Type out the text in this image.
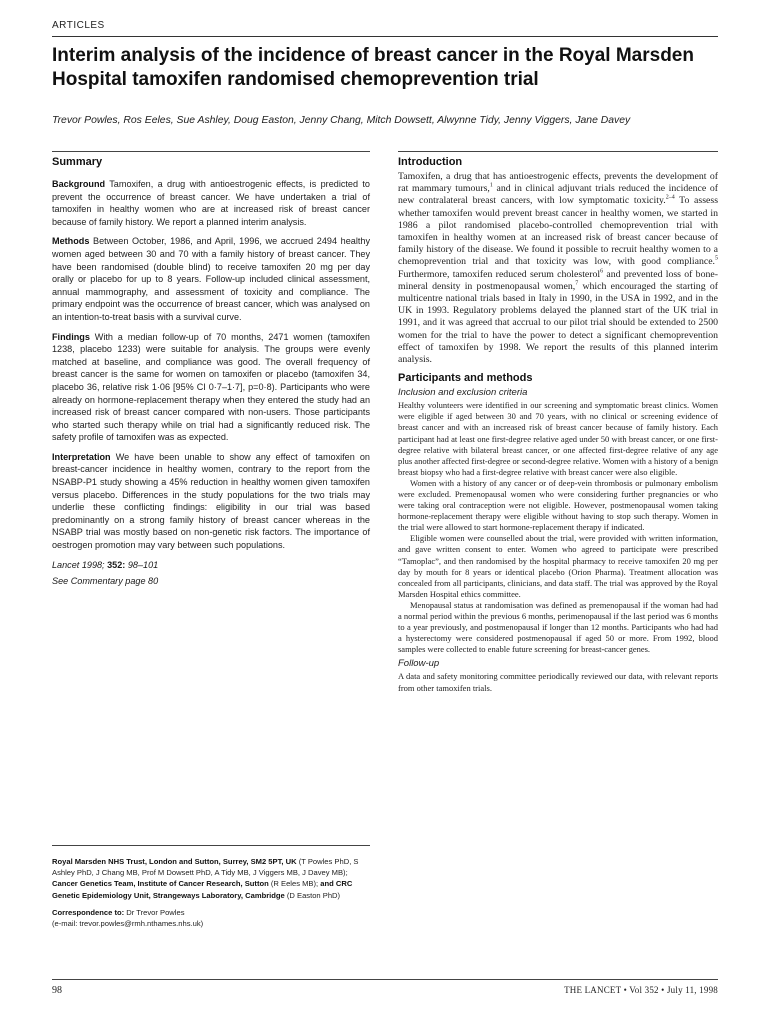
ARTICLES
Interim analysis of the incidence of breast cancer in the Royal Marsden Hospital tamoxifen randomised chemoprevention trial
Trevor Powles, Ros Eeles, Sue Ashley, Doug Easton, Jenny Chang, Mitch Dowsett, Alwynne Tidy, Jenny Viggers, Jane Davey
Summary

Background Tamoxifen, a drug with antioestrogenic effects, is predicted to prevent the occurrence of breast cancer. We have undertaken a trial of tamoxifen in healthy women who are at increased risk of breast cancer because of family history. We report a planned interim analysis.

Methods Between October, 1986, and April, 1996, we accrued 2494 healthy women aged between 30 and 70 with a family history of breast cancer. They have been randomised (double blind) to receive tamoxifen 20 mg per day orally or placebo for up to 8 years. Follow-up included clinical assessment, annual mammography, and assessment of toxicity and compliance. The primary endpoint was the occurrence of breast cancer, which was analysed on an intention-to-treat basis with a survival curve.

Findings With a median follow-up of 70 months, 2471 women (tamoxifen 1238, placebo 1233) were suitable for analysis. The groups were evenly matched at baseline, and compliance was good. The overall frequency of breast cancer is the same for women on tamoxifen or placebo (tamoxifen 34, placebo 36, relative risk 1·06 [95% CI 0·7–1·7], p=0·8). Participants who were already on hormone-replacement therapy when they entered the study had an increased risk of breast cancer compared with non-users. Those participants who started such therapy while on trial had a significantly reduced risk. The safety profile of tamoxifen was as expected.

Interpretation We have been unable to show any effect of tamoxifen on breast-cancer incidence in healthy women, contrary to the report from the NSABP-P1 study showing a 45% reduction in healthy women given tamoxifen versus placebo. Differences in the study populations for the two trials may underlie these conflicting findings: eligibility in our trial was based predominantly on a strong family history of breast cancer whereas in the NSABP trial was mostly based on non-genetic risk factors. The importance of oestrogen promotion may vary between such populations.

Lancet 1998; 352: 98–101
See Commentary page 80
Royal Marsden NHS Trust, London and Sutton, Surrey, SM2 5PT, UK (T Powles PhD, S Ashley PhD, J Chang MB, Prof M Dowsett PhD, A Tidy MB, J Viggers MB, J Davey MB); Cancer Genetics Team, Institute of Cancer Research, Sutton (R Eeles MB); and CRC Genetic Epidemiology Unit, Strangeways Laboratory, Cambridge (D Easton PhD)
Correspondence to: Dr Trevor Powles
(e-mail: trevor.powles@rmh.nthames.nhs.uk)
Introduction

Tamoxifen, a drug that has antioestrogenic effects, prevents the development of rat mammary tumours,$^1$ and in clinical adjuvant trials reduced the incidence of new contralateral breast cancers, with low symptomatic toxicity.$^{2-4}$ To assess whether tamoxifen would prevent breast cancer in healthy women, we started in 1986 a pilot randomised placebo-controlled chemoprevention trial with tamoxifen in healthy women at an increased risk of breast cancer because of family history of the disease. We found it possible to recruit healthy women to a chemoprevention trial and that toxicity was low, with good compliance.$^5$ Furthermore, tamoxifen reduced serum cholesterol$^6$ and prevented loss of bone-mineral density in postmenopausal women,$^7$ which encouraged the starting of multicentre national trials based in Italy in 1990, in the USA in 1992, and in the UK in 1993. Regulatory problems delayed the planned start of the UK trial in 1991, and it was agreed that accrual to our pilot trial should be extended to 2500 women for the trial to have the power to detect a significant chemoprevention effect of tamoxifen by 1998. We report the results of this planned interim analysis.

Participants and methods
Inclusion and exclusion criteria

Healthy volunteers were identified in our screening and symptomatic breast clinics. Women were eligible if aged between 30 and 70 years, with no clinical or screening evidence of breast cancer and with an increased risk of breast cancer because of family history. Each participant had at least one first-degree relative aged under 50 with breast cancer, or one first-degree relative with bilateral breast cancer, or one affected first-degree relative of any age plus another affected first-degree or second-degree relative. Women with a history of a benign breast biopsy who had a first-degree relative with breast cancer were also eligible.

Women with a history of any cancer or of deep-vein thrombosis or pulmonary embolism were excluded. Premenopausal women who were considering further pregnancies or who were taking oral contraception were not eligible. However, postmenopausal women taking hormone-replacement therapy were eligible without having to stop such therapy. Women in the trial were allowed to start hormone-replacement therapy if indicated.

Eligible women were counselled about the trial, were provided with written information, and gave written consent to enter. Women who agreed to participate were prescribed “Tamoplac”, and then randomised by the hospital pharmacy to receive tamoxifen 20 mg per day by mouth for 8 years or identical placebo (Orion Pharma). Treatment allocation was concealed from all participants, clinicians, and data staff. The trial was approved by the Royal Marsden Hospital ethics committee.

Menopausal status at randomisation was defined as premenopausal if the woman had had a normal period within the previous 6 months, perimenopausal if the last period was 6 months to a year previously, and postmenopausal if longer than 12 months. Participants who had had a hysterectomy were considered postmenopausal if aged 50 or more. From 1992, blood samples were collected to enable future screening for breast-cancer genes.

Follow-up

A data and safety monitoring committee periodically reviewed our data, with relevant reports from other tamoxifen trials.

98	THE LANCET • Vol 352 • July 11, 1998
